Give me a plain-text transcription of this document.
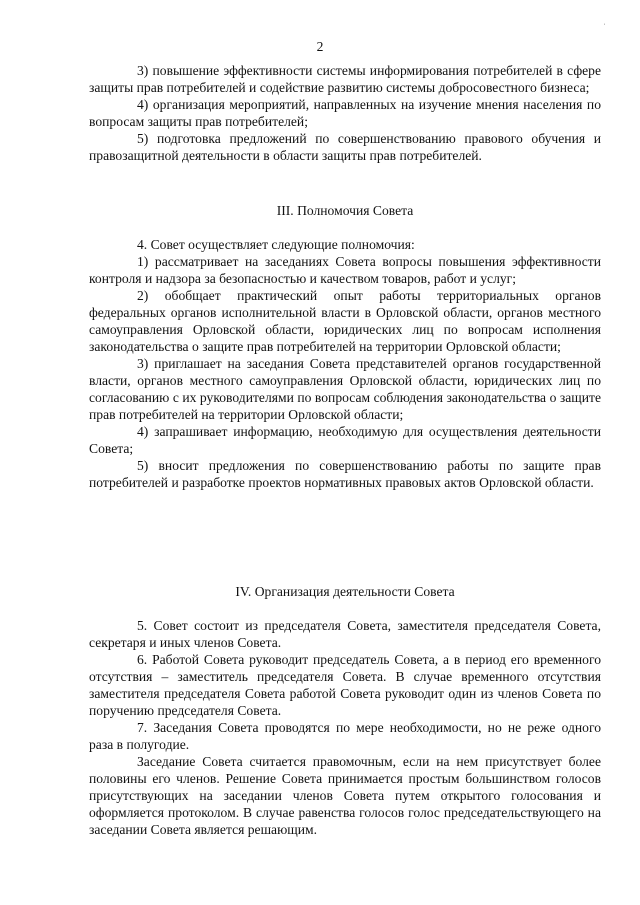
2

3) повышение эффективности системы информирования потребителей в сфере защиты прав потребителей и содействие развитию системы добросовестного бизнеса;

4) организация мероприятий, направленных на изучение мнения населения по вопросам защиты прав потребителей;

5) подготовка предложений по совершенствованию правового обучения и правозащитной деятельности в области защиты прав потребителей.

III. Полномочия Совета

4. Совет осуществляет следующие полномочия:

1) рассматривает на заседаниях Совета вопросы повышения эффективности контроля и надзора за безопасностью и качеством товаров, работ и услуг;

2) обобщает практический опыт работы территориальных органов федеральных органов исполнительной власти в Орловской области, органов местного самоуправления Орловской области, юридических лиц по вопросам исполнения законодательства о защите прав потребителей на территории Орловской области;

3) приглашает на заседания Совета представителей органов государственной власти, органов местного самоуправления Орловской области, юридических лиц по согласованию с их руководителями по вопросам соблюдения законодательства о защите прав потребителей на территории Орловской области;

4) запрашивает информацию, необходимую для осуществления деятельности Совета;

5) вносит предложения по совершенствованию работы по защите прав потребителей и разработке проектов нормативных правовых актов Орловской области.

IV. Организация деятельности Совета

5. Совет состоит из председателя Совета, заместителя председателя Совета, секретаря и иных членов Совета.

6. Работой Совета руководит председатель Совета, а в период его временного отсутствия – заместитель председателя Совета. В случае временного отсутствия заместителя председателя Совета работой Совета руководит один из членов Совета по поручению председателя Совета.

7. Заседания Совета проводятся по мере необходимости, но не реже одного раза в полугодие.

Заседание Совета считается правомочным, если на нем присутствует более половины его членов. Решение Совета принимается простым большинством голосов присутствующих на заседании членов Совета путем открытого голосования и оформляется протоколом. В случае равенства голосов голос председательствующего на заседании Совета является решающим.

ˌ
